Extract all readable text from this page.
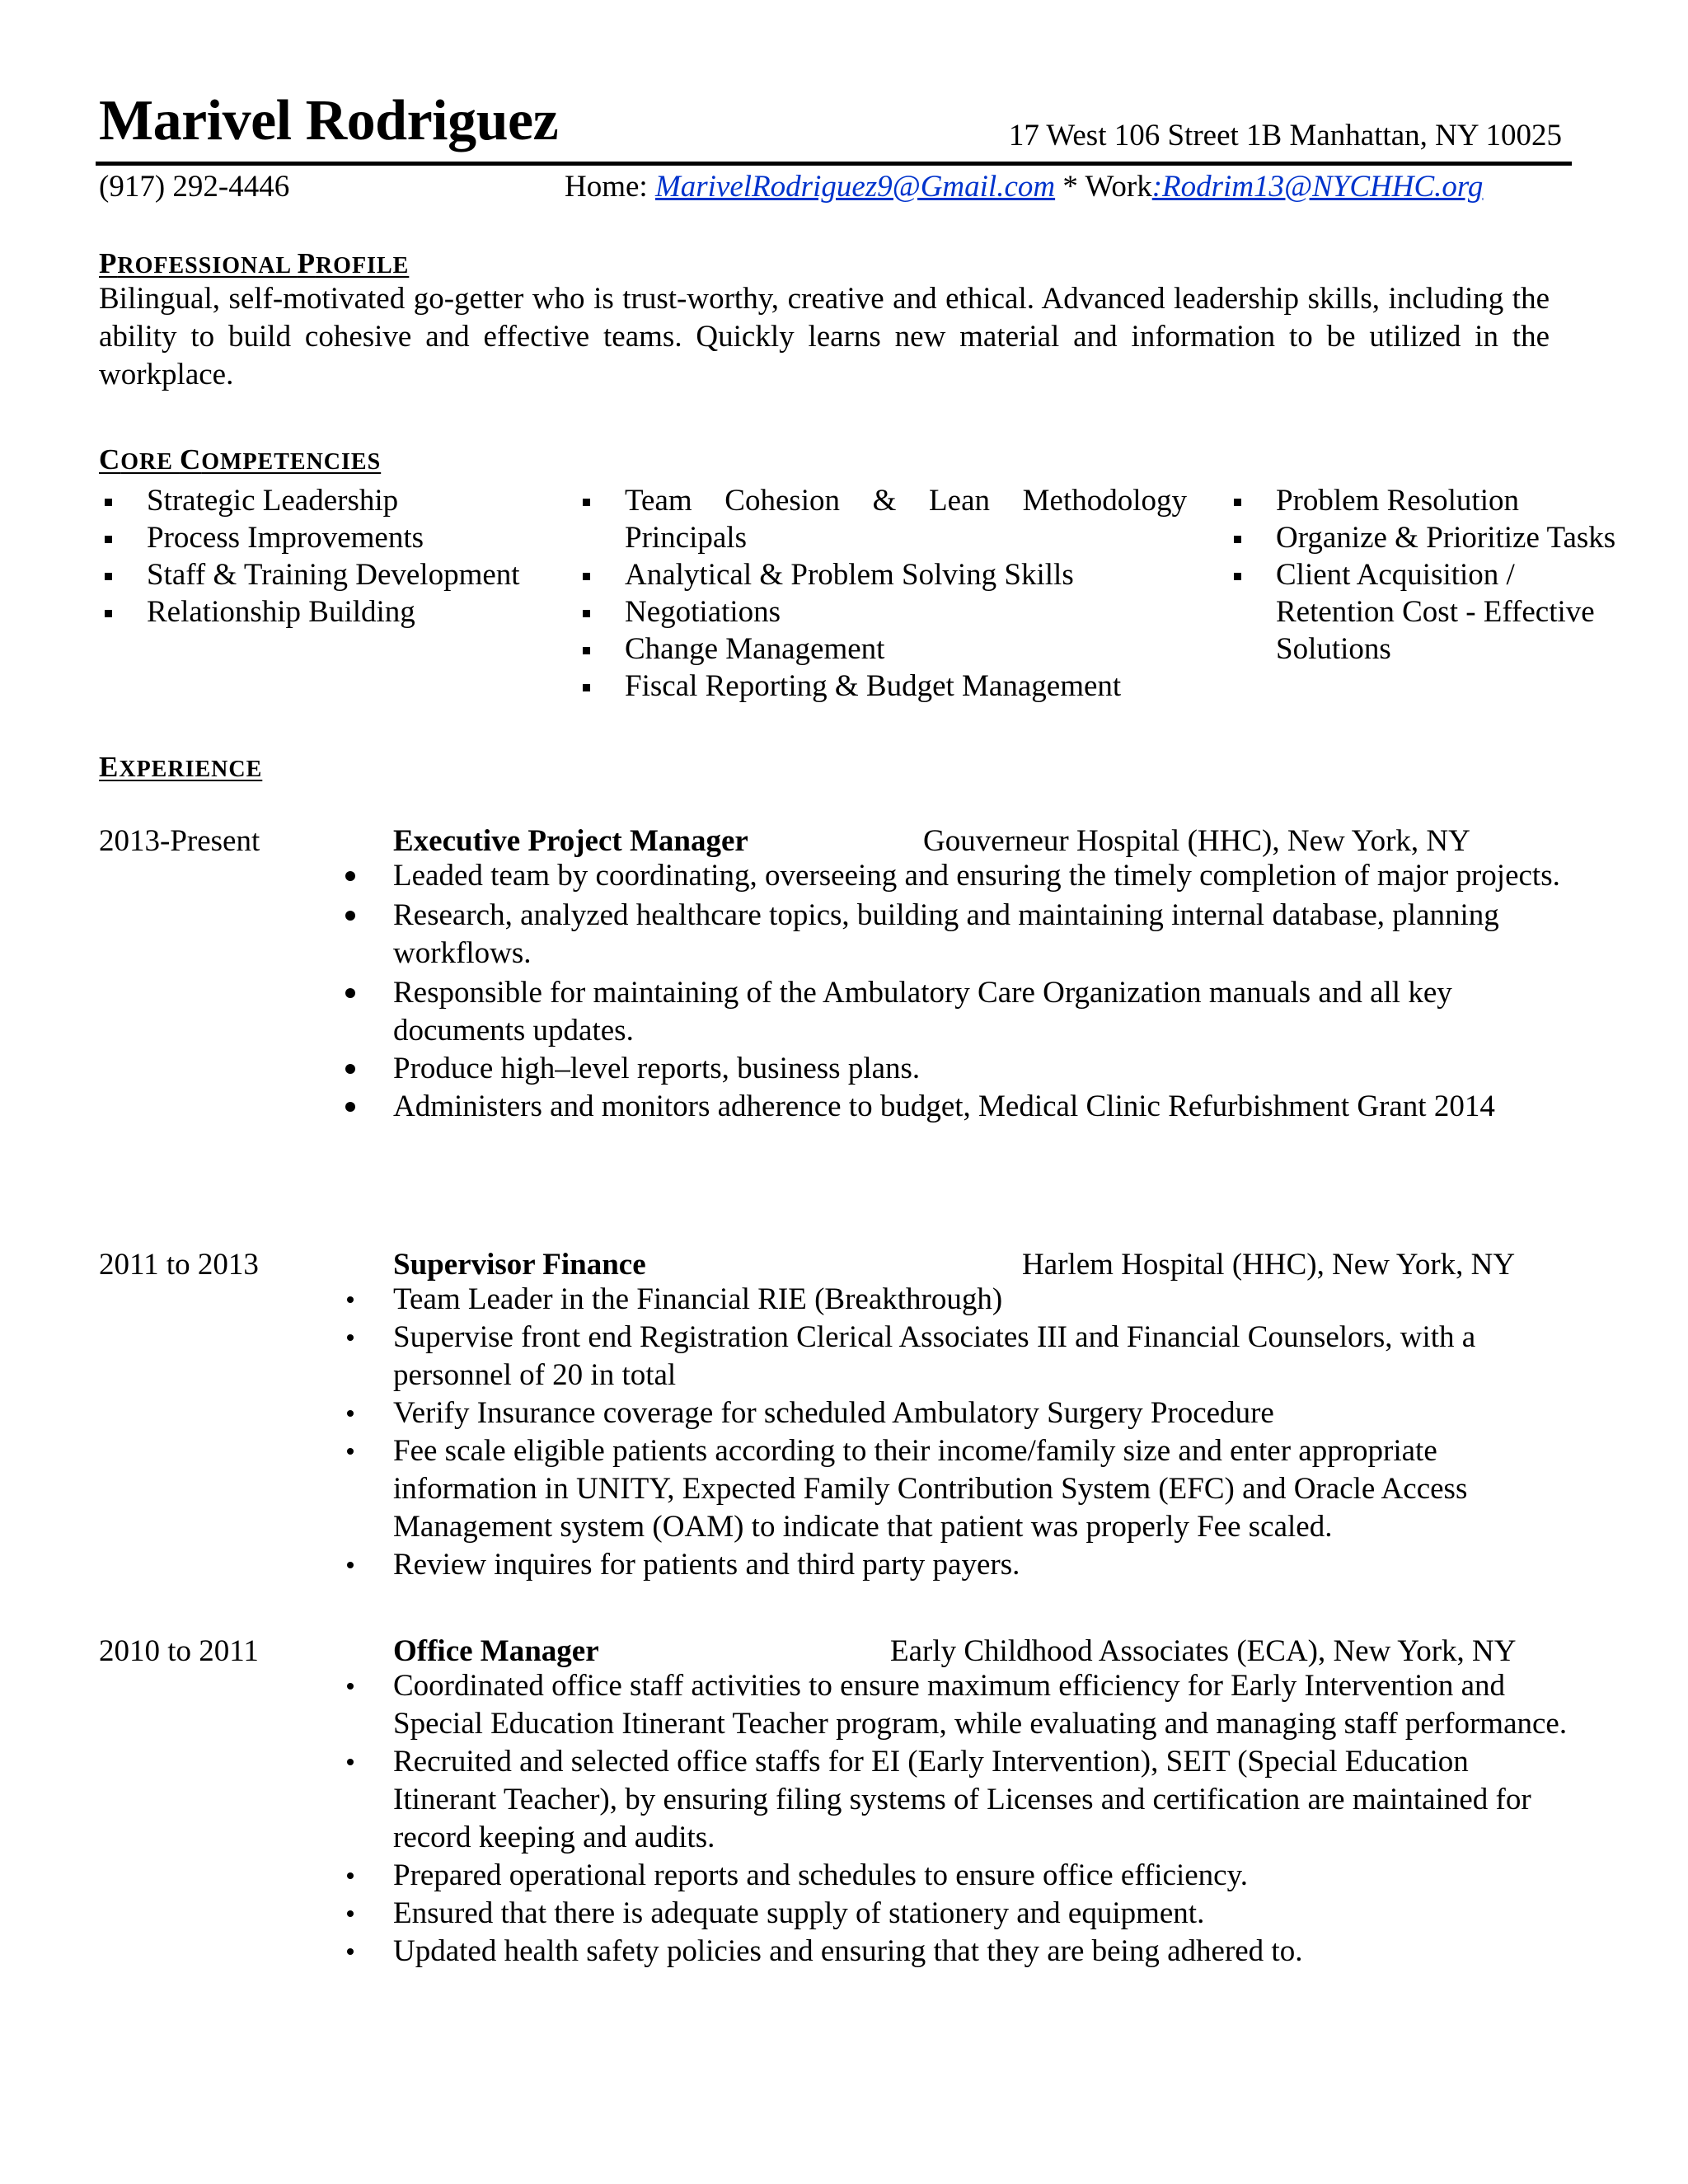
Marivel Rodriguez	17 West 106 Street 1B Manhattan, NY 10025
(917) 292-4446	Home: MarivelRodriguez9@Gmail.com * Work:Rodrim13@NYCHHC.org
PROFESSIONAL PROFILE
Bilingual, self-motivated go-getter who is trust-worthy, creative and ethical. Advanced leadership skills, including the ability to build cohesive and effective teams. Quickly learns new material and information to be utilized in the workplace.
CORE COMPETENCIES
Strategic Leadership
Process Improvements
Staff & Training Development
Relationship Building
Team Cohesion & Lean Methodology
Principals
Analytical & Problem Solving Skills
Negotiations
Change Management
Fiscal Reporting & Budget Management
Problem Resolution
Organize & Prioritize Tasks
Client Acquisition / Retention Cost - Effective Solutions
EXPERIENCE
2013-Present	Executive Project Manager	Gouverneur Hospital (HHC), New York, NY
Leaded team by coordinating, overseeing and ensuring the timely completion of major projects.
Research, analyzed healthcare topics, building and maintaining internal database, planning workflows.
Responsible for maintaining of the Ambulatory Care Organization manuals and all key documents updates.
Produce high–level reports, business plans.
Administers and monitors adherence to budget, Medical Clinic Refurbishment Grant 2014
2011 to 2013	Supervisor Finance	Harlem Hospital (HHC), New York, NY
Team Leader in the Financial RIE (Breakthrough)
Supervise front end Registration Clerical Associates III and Financial Counselors, with a personnel of 20 in total
Verify Insurance coverage for scheduled Ambulatory Surgery Procedure
Fee scale eligible patients according to their income/family size and enter appropriate information in UNITY, Expected Family Contribution System (EFC) and Oracle Access Management system (OAM) to indicate that patient was properly Fee scaled.
Review inquires for patients and third party payers.
2010 to 2011	Office Manager	Early Childhood Associates (ECA), New York, NY
Coordinated office staff activities to ensure maximum efficiency for Early Intervention and Special Education Itinerant Teacher program, while evaluating and managing staff performance.
Recruited and selected office staffs for EI (Early Intervention), SEIT (Special Education Itinerant Teacher), by ensuring filing systems of Licenses and certification are maintained for record keeping and audits.
Prepared operational reports and schedules to ensure office efficiency.
Ensured that there is adequate supply of stationery and equipment.
Updated health safety policies and ensuring that they are being adhered to.
